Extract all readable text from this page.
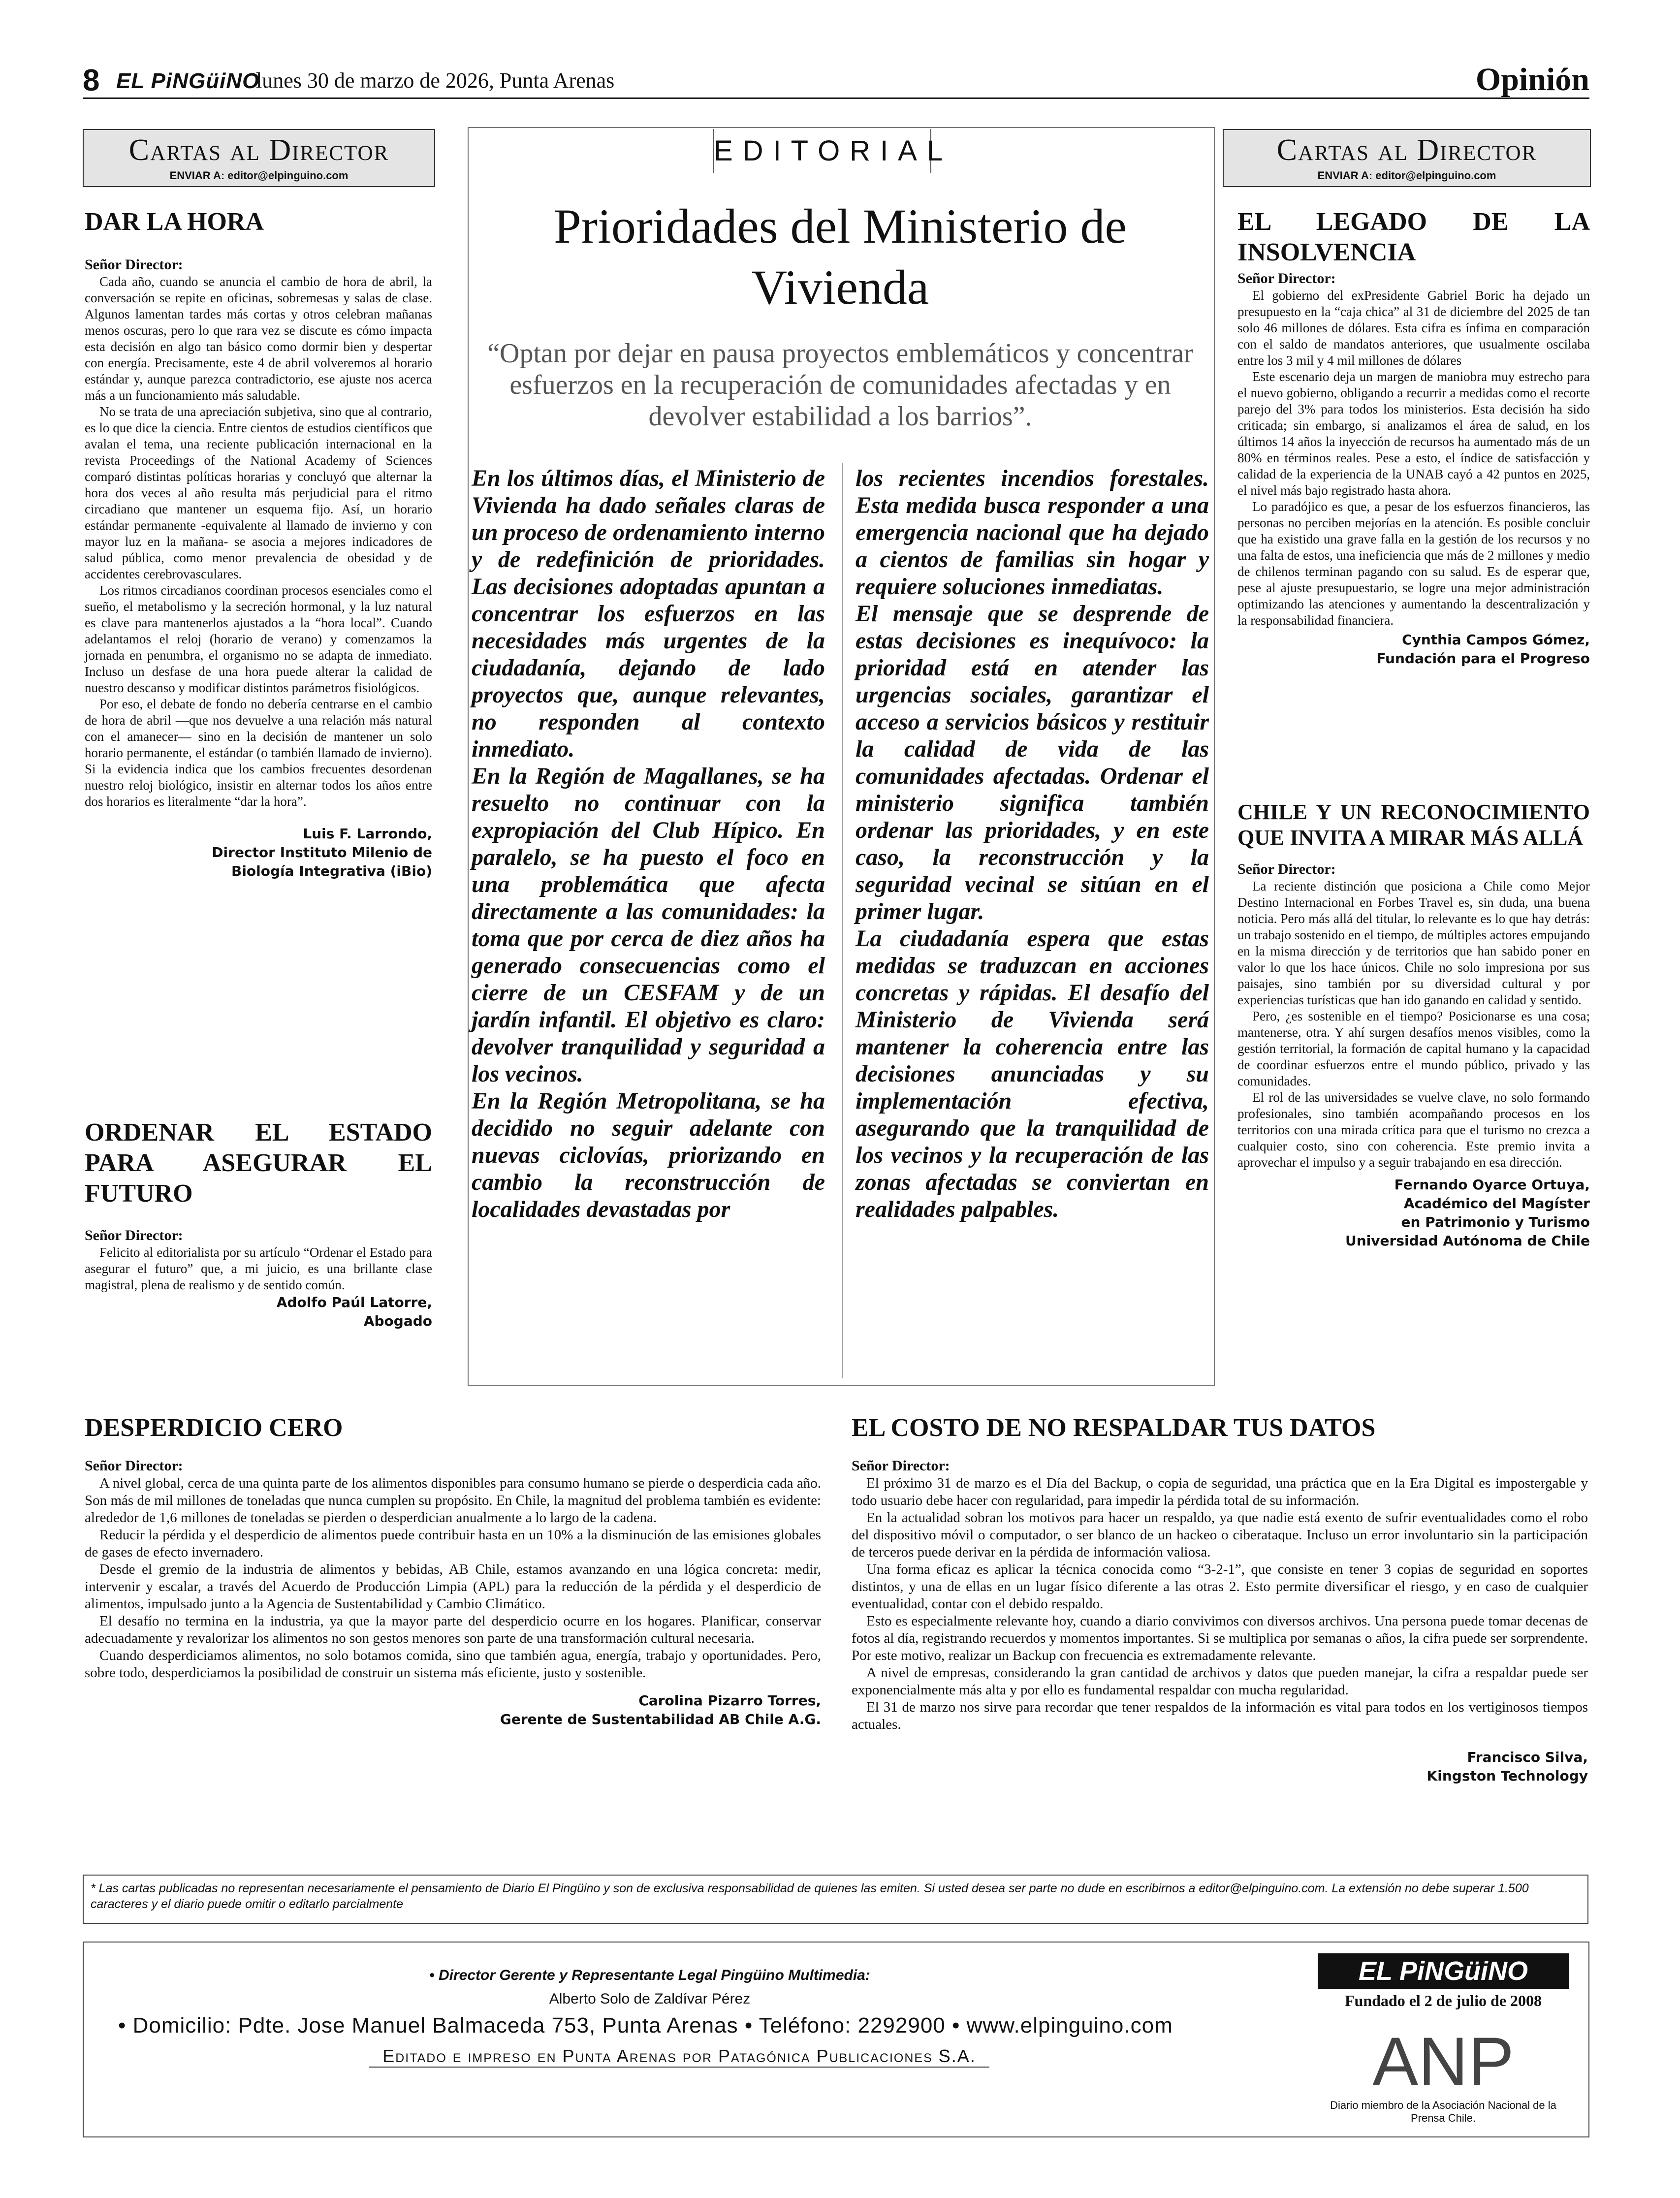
8 EL PiNGüiNO
lunes 30 de marzo de 2026, Punta Arenas	Opinión
Cartas al Director
ENVIAR A: editor@elpinguino.com
DAR LA HORA
Señor Director:

Cada año, cuando se anuncia el cambio de hora de abril, la conversación se repite en oficinas, sobremesas y salas de clase. Algunos lamentan tardes más cortas y otros celebran mañanas menos oscuras, pero lo que rara vez se discute es cómo impacta esta decisión en algo tan básico como dormir bien y despertar con energía. Precisamente, este 4 de abril volveremos al horario estándar y, aunque parezca contradictorio, ese ajuste nos acerca más a un funcionamiento más saludable.

No se trata de una apreciación subjetiva, sino que al contrario, es lo que dice la ciencia. Entre cientos de estudios científicos que avalan el tema, una reciente publicación internacional en la revista Proceedings of the National Academy of Sciences comparó distintas políticas horarias y concluyó que alternar la hora dos veces al año resulta más perjudicial para el ritmo circadiano que mantener un esquema fijo. Así, un horario estándar permanente -equivalente al llamado de invierno y con mayor luz en la mañana- se asocia a mejores indicadores de salud pública, como menor prevalencia de obesidad y de accidentes cerebrovasculares.

Los ritmos circadianos coordinan procesos esenciales como el sueño, el metabolismo y la secreción hormonal, y la luz natural es clave para mantenerlos ajustados a la “hora local”. Cuando adelantamos el reloj (horario de verano) y comenzamos la jornada en penumbra, el organismo no se adapta de inmediato. Incluso un desfase de una hora puede alterar la calidad de nuestro descanso y modificar distintos parámetros fisiológicos.

Por eso, el debate de fondo no debería centrarse en el cambio de hora de abril —que nos devuelve a una relación más natural con el amanecer— sino en la decisión de mantener un solo horario permanente, el estándar (o también llamado de invierno). Si la evidencia indica que los cambios frecuentes desordenan nuestro reloj biológico, insistir en alternar todos los años entre dos horarios es literalmente “dar la hora”.

Luis F. Larrondo,
Director Instituto Milenio de
Biología Integrativa (iBio)
ORDENAR EL ESTADO PARA ASEGURAR EL FUTURO
Señor Director:

Felicito al editorialista por su artículo “Ordenar el Estado para asegurar el futuro” que, a mi juicio, es una brillante clase magistral, plena de realismo y de sentido común.

Adolfo Paúl Latorre,
Abogado
EDITORIAL
Prioridades del Ministerio de Vivienda
“Optan por dejar en pausa proyectos emblemáticos y concentrar esfuerzos en la recuperación de comunidades afectadas y en devolver estabilidad a los barrios”.

En los últimos días, el Ministerio de Vivienda ha dado señales claras de un proceso de ordenamiento interno y de redefinición de prioridades. Las decisiones adoptadas apuntan a concentrar los esfuerzos en las necesidades más urgentes de la ciudadanía, dejando de lado proyectos que, aunque relevantes, no responden al contexto inmediato.

En la Región de Magallanes, se ha resuelto no continuar con la expropiación del Club Hípico. En paralelo, se ha puesto el foco en una problemática que afecta directamente a las comunidades: la toma que por cerca de diez años ha generado consecuencias como el cierre de un CESFAM y de un jardín infantil. El objetivo es claro: devolver tranquilidad y seguridad a los vecinos.

En la Región Metropolitana, se ha decidido no seguir adelante con nuevas ciclovías, priorizando en cambio la reconstrucción de localidades devastadas por

los recientes incendios forestales. Esta medida busca responder a una emergencia nacional que ha dejado a cientos de familias sin hogar y requiere soluciones inmediatas.

El mensaje que se desprende de estas decisiones es inequívoco: la prioridad está en atender las urgencias sociales, garantizar el acceso a servicios básicos y restituir la calidad de vida de las comunidades afectadas. Ordenar el ministerio significa también ordenar las prioridades, y en este caso, la reconstrucción y la seguridad vecinal se sitúan en el primer lugar.

La ciudadanía espera que estas medidas se traduzcan en acciones concretas y rápidas. El desafío del Ministerio de Vivienda será mantener la coherencia entre las decisiones anunciadas y su implementación efectiva, asegurando que la tranquilidad de los vecinos y la recuperación de las zonas afectadas se conviertan en realidades palpables.

Cartas al Director
ENVIAR A: editor@elpinguino.com
EL LEGADO DE LA INSOLVENCIA
Señor Director:

El gobierno del exPresidente Gabriel Boric ha dejado un presupuesto en la “caja chica” al 31 de diciembre del 2025 de tan solo 46 millones de dólares. Esta cifra es ínfima en comparación con el saldo de mandatos anteriores, que usualmente oscilaba entre los 3 mil y 4 mil millones de dólares

Este escenario deja un margen de maniobra muy estrecho para el nuevo gobierno, obligando a recurrir a medidas como el recorte parejo del 3% para todos los ministerios. Esta decisión ha sido criticada; sin embargo, si analizamos el área de salud, en los últimos 14 años la inyección de recursos ha aumentado más de un 80% en términos reales. Pese a esto, el índice de satisfacción y calidad de la experiencia de la UNAB cayó a 42 puntos en 2025, el nivel más bajo registrado hasta ahora.

Lo paradójico es que, a pesar de los esfuerzos financieros, las personas no perciben mejorías en la atención. Es posible concluir que ha existido una grave falla en la gestión de los recursos y no una falta de estos, una ineficiencia que más de 2 millones y medio de chilenos terminan pagando con su salud. Es de esperar que, pese al ajuste presupuestario, se logre una mejor administración optimizando las atenciones y aumentando la descentralización y la responsabilidad financiera.

Cynthia Campos Gómez,
Fundación para el Progreso
CHILE Y UN RECONOCIMIENTO QUE INVITA A MIRAR MÁS ALLÁ
Señor Director:

La reciente distinción que posiciona a Chile como Mejor Destino Internacional en Forbes Travel es, sin duda, una buena noticia. Pero más allá del titular, lo relevante es lo que hay detrás: un trabajo sostenido en el tiempo, de múltiples actores empujando en la misma dirección y de territorios que han sabido poner en valor lo que los hace únicos. Chile no solo impresiona por sus paisajes, sino también por su diversidad cultural y por experiencias turísticas que han ido ganando en calidad y sentido.

Pero, ¿es sostenible en el tiempo? Posicionarse es una cosa; mantenerse, otra. Y ahí surgen desafíos menos visibles, como la gestión territorial, la formación de capital humano y la capacidad de coordinar esfuerzos entre el mundo público, privado y las comunidades.

El rol de las universidades se vuelve clave, no solo formando profesionales, sino también acompañando procesos en los territorios con una mirada crítica para que el turismo no crezca a cualquier costo, sino con coherencia. Este premio invita a aprovechar el impulso y a seguir trabajando en esa dirección.

Fernando Oyarce Ortuya,
Académico del Magíster
en Patrimonio y Turismo
Universidad Autónoma de Chile
DESPERDICIO CERO
Señor Director:

A nivel global, cerca de una quinta parte de los alimentos disponibles para consumo humano se pierde o desperdicia cada año. Son más de mil millones de toneladas que nunca cumplen su propósito. En Chile, la magnitud del problema también es evidente: alrededor de 1,6 millones de toneladas se pierden o desperdician anualmente a lo largo de la cadena.

Reducir la pérdida y el desperdicio de alimentos puede contribuir hasta en un 10% a la disminución de las emisiones globales de gases de efecto invernadero.

Desde el gremio de la industria de alimentos y bebidas, AB Chile, estamos avanzando en una lógica concreta: medir, intervenir y escalar, a través del Acuerdo de Producción Limpia (APL) para la reducción de la pérdida y el desperdicio de alimentos, impulsado junto a la Agencia de Sustentabilidad y Cambio Climático.

El desafío no termina en la industria, ya que la mayor parte del desperdicio ocurre en los hogares. Planificar, conservar adecuadamente y revalorizar los alimentos no son gestos menores son parte de una transformación cultural necesaria.

Cuando desperdiciamos alimentos, no solo botamos comida, sino que también agua, energía, trabajo y oportunidades. Pero, sobre todo, desperdiciamos la posibilidad de construir un sistema más eficiente, justo y sostenible.

Carolina Pizarro Torres,
Gerente de Sustentabilidad AB Chile A.G.
EL COSTO DE NO RESPALDAR TUS DATOS
Señor Director:

El próximo 31 de marzo es el Día del Backup, o copia de seguridad, una práctica que en la Era Digital es impostergable y todo usuario debe hacer con regularidad, para impedir la pérdida total de su información.

En la actualidad sobran los motivos para hacer un respaldo, ya que nadie está exento de sufrir eventualidades como el robo del dispositivo móvil o computador, o ser blanco de un hackeo o ciberataque. Incluso un error involuntario sin la participación de terceros puede derivar en la pérdida de información valiosa.

Una forma eficaz es aplicar la técnica conocida como “3-2-1”, que consiste en tener 3 copias de seguridad en soportes distintos, y una de ellas en un lugar físico diferente a las otras 2. Esto permite diversificar el riesgo, y en caso de cualquier eventualidad, contar con el debido respaldo.

Esto es especialmente relevante hoy, cuando a diario convivimos con diversos archivos. Una persona puede tomar decenas de fotos al día, registrando recuerdos y momentos importantes. Si se multiplica por semanas o años, la cifra puede ser sorprendente. Por este motivo, realizar un Backup con frecuencia es extremadamente relevante.

A nivel de empresas, considerando la gran cantidad de archivos y datos que pueden manejar, la cifra a respaldar puede ser exponencialmente más alta y por ello es fundamental respaldar con mucha regularidad.

El 31 de marzo nos sirve para recordar que tener respaldos de la información es vital para todos en los vertiginosos tiempos actuales.

Francisco Silva,
Kingston Technology
* Las cartas publicadas no representan necesariamente el pensamiento de Diario El Pingüino y son de exclusiva responsabilidad de quienes las emiten. Si usted desea ser parte no dude en escribirnos a editor@elpinguino.com. La extensión no debe superar 1.500 caracteres y el diario puede omitir o editarlo parcialmente
• Director Gerente y Representante Legal Pingüino Multimedia:
Alberto Solo de Zaldívar Pérez
• Domicilio: Pdte. Jose Manuel Balmaceda 753, Punta Arenas • Teléfono: 2292900 • www.elpinguino.com
Editado e impreso en Punta Arenas por Patagónica Publicaciones S.A.
EL PiNGüiNO
Fundado el 2 de julio de 2008
ANP
Diario miembro de la Asociación Nacional de la Prensa Chile.
